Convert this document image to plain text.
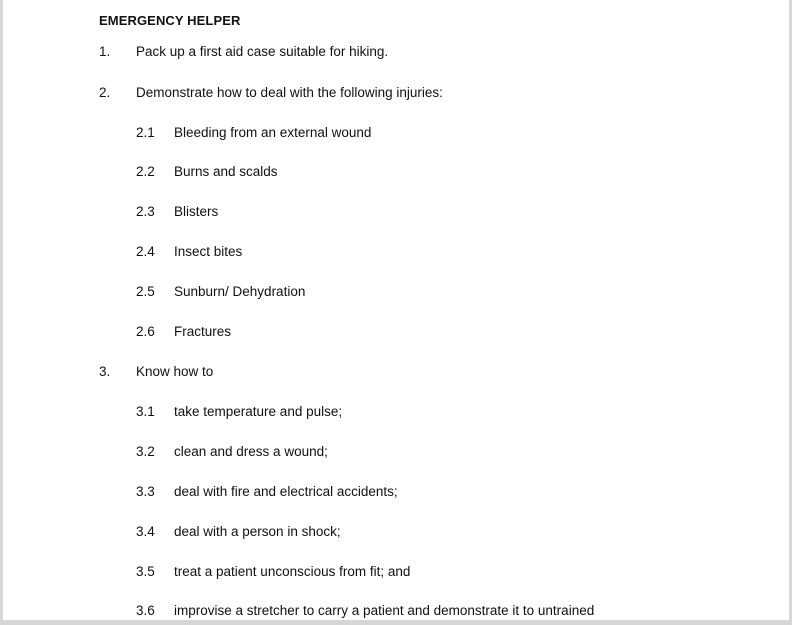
EMERGENCY HELPER
1. Pack up a first aid case suitable for hiking.
2. Demonstrate how to deal with the following injuries:
2.1 Bleeding from an external wound
2.2 Burns and scalds
2.3 Blisters
2.4 Insect bites
2.5 Sunburn/ Dehydration
2.6 Fractures
3. Know how to
3.1 take temperature and pulse;
3.2 clean and dress a wound;
3.3 deal with fire and electrical accidents;
3.4 deal with a person in shock;
3.5 treat a patient unconscious from fit; and
3.6 improvise a stretcher to carry a patient and demonstrate it to untrained
